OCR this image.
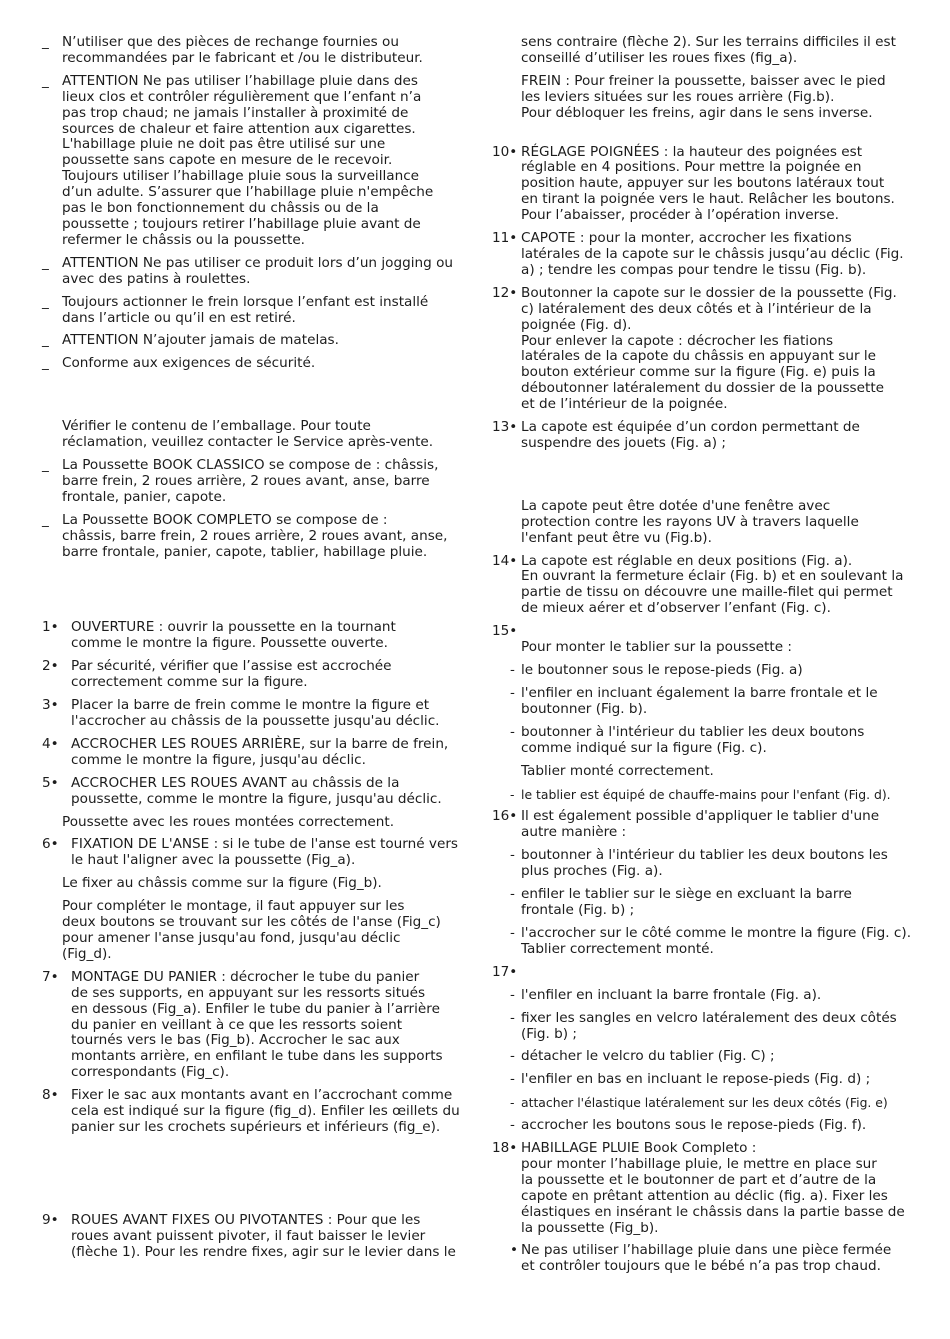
_ N’utiliser que des pièces de rechange fournies ou
recommandées par le fabricant et /ou le distributeur.
_ ATTENTION Ne pas utiliser l’habillage pluie dans des
lieux clos et contrôler régulièrement que l’enfant n’a
pas trop chaud; ne jamais l’installer à proximité de
sources de chaleur et faire attention aux cigarettes.
L'habillage pluie ne doit pas être utilisé sur une
poussette sans capote en mesure de le recevoir.
Toujours utiliser l’habillage pluie sous la surveillance
d’un adulte. S’assurer que l’habillage pluie n'empêche
pas le bon fonctionnement du châssis ou de la
poussette ; toujours retirer l’habillage pluie avant de
refermer le châssis ou la poussette.
_ ATTENTION Ne pas utiliser ce produit lors d’un jogging ou
avec des patins à roulettes.
_ Toujours actionner le frein lorsque l’enfant est installé
dans l’article ou qu’il en est retiré.
_ ATTENTION N’ajouter jamais de matelas.
_ Conforme aux exigences de sécurité.
Vérifier le contenu de l’emballage. Pour toute
réclamation, veuillez contacter le Service après-vente.
_ La Poussette BOOK CLASSICO se compose de : châssis,
barre frein, 2 roues arrière, 2 roues avant, anse, barre
frontale, panier, capote.
_ La Poussette BOOK COMPLETO se compose de :
châssis, barre frein, 2 roues arrière, 2 roues avant, anse,
barre frontale, panier, capote, tablier, habillage pluie.
1• OUVERTURE : ouvrir la poussette en la tournant
comme le montre la figure. Poussette ouverte.
2• Par sécurité, vérifier que l’assise est accrochée
correctement comme sur la figure.
3• Placer la barre de frein comme le montre la figure et
l'accrocher au châssis de la poussette jusqu'au déclic.
4• ACCROCHER LES ROUES ARRIÈRE, sur la barre de frein,
comme le montre la figure, jusqu'au déclic.
5• ACCROCHER LES ROUES AVANT au châssis de la
poussette, comme le montre la figure, jusqu'au déclic.
Poussette avec les roues montées correctement.
6• FIXATION DE L'ANSE : si le tube de l'anse est tourné vers
le haut l'aligner avec la poussette (Fig_a).
Le fixer au châssis comme sur la figure (Fig_b).
Pour compléter le montage, il faut appuyer sur les
deux boutons se trouvant sur les côtés de l'anse (Fig_c)
pour amener l'anse jusqu'au fond, jusqu'au déclic
(Fig_d).
7• MONTAGE DU PANIER : décrocher le tube du panier
de ses supports, en appuyant sur les ressorts situés
en dessous (Fig_a). Enfiler le tube du panier à l’arrière
du panier en veillant à ce que les ressorts soient
tournés vers le bas (Fig_b). Accrocher le sac aux
montants arrière, en enfilant le tube dans les supports
correspondants (Fig_c).
8• Fixer le sac aux montants avant en l’accrochant comme
cela est indiqué sur la figure (fig_d). Enfiler les œillets du
panier sur les crochets supérieurs et inférieurs (fig_e).
9• ROUES AVANT FIXES OU PIVOTANTES : Pour que les
roues avant puissent pivoter, il faut baisser le levier
(flèche 1). Pour les rendre fixes, agir sur le levier dans le
sens contraire (flèche 2). Sur les terrains difficiles il est
conseillé d’utiliser les roues fixes (fig_a).
FREIN : Pour freiner la poussette, baisser avec le pied
les leviers situées sur les roues arrière (Fig.b).
Pour débloquer les freins, agir dans le sens inverse.
10• RÉGLAGE POIGNÉES : la hauteur des poignées est
réglable en 4 positions. Pour mettre la poignée en
position haute, appuyer sur les boutons latéraux tout
en tirant la poignée vers le haut. Relâcher les boutons.
Pour l’abaisser, procéder à l’opération inverse.
11• CAPOTE : pour la monter, accrocher les fixations
latérales de la capote sur le châssis jusqu’au déclic (Fig.
a) ; tendre les compas pour tendre le tissu (Fig. b).
12• Boutonner la capote sur le dossier de la poussette (Fig.
c) latéralement des deux côtés et à l’intérieur de la
poignée (Fig. d).
Pour enlever la capote : décrocher les fiations
latérales de la capote du châssis en appuyant sur le
bouton extérieur comme sur la figure (Fig. e) puis la
déboutonner latéralement du dossier de la poussette
et de l’intérieur de la poignée.
13• La capote est équipée d’un cordon permettant de
suspendre des jouets (Fig. a) ;
La capote peut être dotée d'une fenêtre avec
protection contre les rayons UV à travers laquelle
l'enfant peut être vu (Fig.b).
14• La capote est réglable en deux positions (Fig. a).
En ouvrant la fermeture éclair (Fig. b) et en soulevant la
partie de tissu on découvre une maille-filet qui permet
de mieux aérer et d’observer l’enfant (Fig. c).
15•
Pour monter le tablier sur la poussette :
- le boutonner sous le repose-pieds (Fig. a)
- l'enfiler en incluant également la barre frontale et le
boutonner (Fig. b).
- boutonner à l'intérieur du tablier les deux boutons
comme indiqué sur la figure (Fig. c).
Tablier monté correctement.
- le tablier est équipé de chauffe-mains pour l'enfant (Fig. d).
16• Il est également possible d'appliquer le tablier d'une
autre manière :
- boutonner à l'intérieur du tablier les deux boutons les
plus proches (Fig. a).
- enfiler le tablier sur le siège en excluant la barre
frontale (Fig. b) ;
- l'accrocher sur le côté comme le montre la figure (Fig. c).
Tablier correctement monté.
17•
- l'enfiler en incluant la barre frontale (Fig. a).
- fixer les sangles en velcro latéralement des deux côtés
(Fig. b) ;
- détacher le velcro du tablier (Fig. C) ;
- l'enfiler en bas en incluant le repose-pieds (Fig. d) ;
- attacher l'élastique latéralement sur les deux côtés (Fig. e)
- accrocher les boutons sous le repose-pieds (Fig. f).
18• HABILLAGE PLUIE Book Completo :
pour monter l’habillage pluie, le mettre en place sur
la poussette et le boutonner de part et d’autre de la
capote en prêtant attention au déclic (fig. a). Fixer les
élastiques en insérant le châssis dans la partie basse de
la poussette (Fig_b).
• Ne pas utiliser l’habillage pluie dans une pièce fermée
et contrôler toujours que le bébé n’a pas trop chaud.
